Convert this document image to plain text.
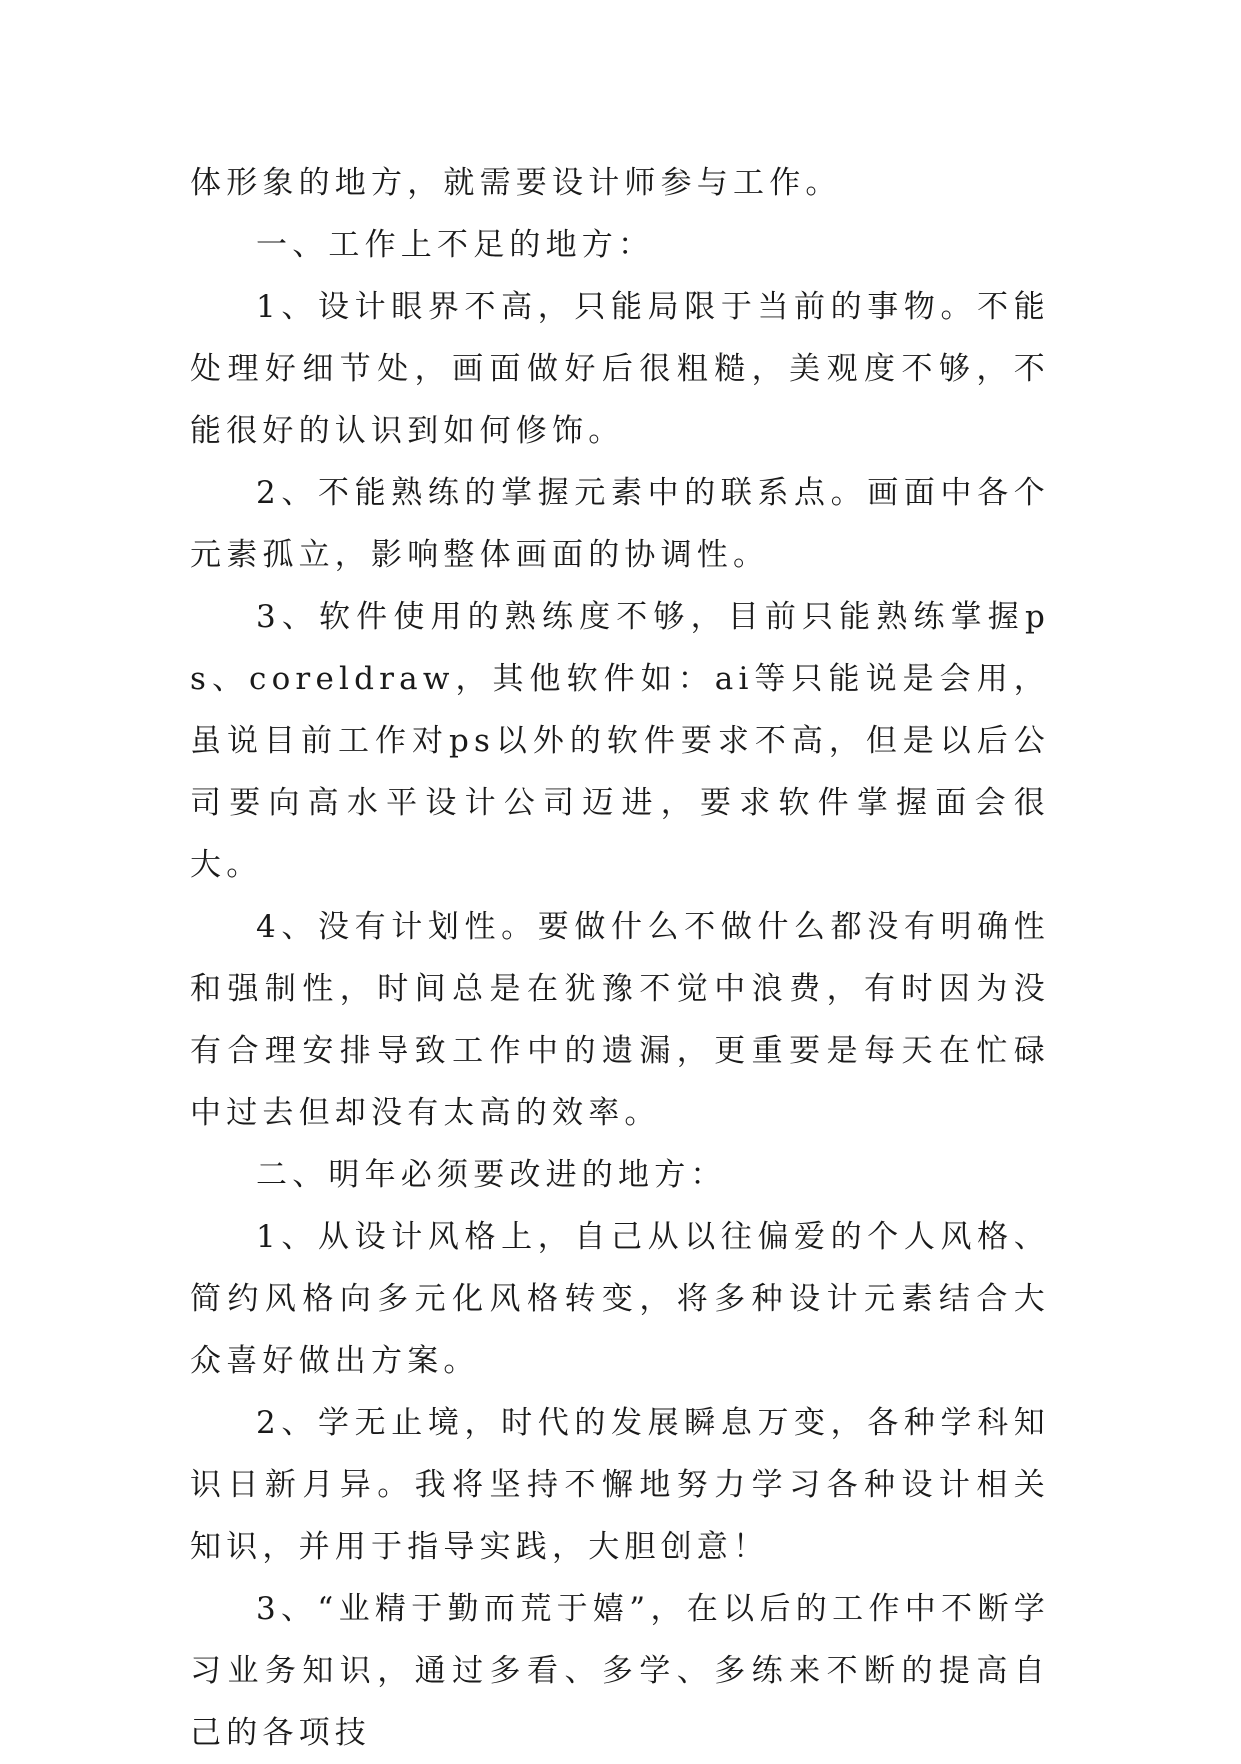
体形象的地方，就需要设计师参与工作。

一、工作上不足的地方：

1、设计眼界不高，只能局限于当前的事物。不能处理好细节处，画面做好后很粗糙，美观度不够，不能很好的认识到如何修饰。

2、不能熟练的掌握元素中的联系点。画面中各个元素孤立，影响整体画面的协调性。

3、软件使用的熟练度不够，目前只能熟练掌握ps、coreldraw，其他软件如：ai等只能说是会用，虽说目前工作对ps以外的软件要求不高，但是以后公司要向高水平设计公司迈进，要求软件掌握面会很大。

4、没有计划性。要做什么不做什么都没有明确性和强制性，时间总是在犹豫不觉中浪费，有时因为没有合理安排导致工作中的遗漏，更重要是每天在忙碌中过去但却没有太高的效率。

二、明年必须要改进的地方：

1、从设计风格上，自己从以往偏爱的个人风格、简约风格向多元化风格转变，将多种设计元素结合大众喜好做出方案。

2、学无止境，时代的发展瞬息万变，各种学科知识日新月异。我将坚持不懈地努力学习各种设计相关知识，并用于指导实践，大胆创意！

3、“业精于勤而荒于嬉”，在以后的工作中不断学习业务知识，通过多看、多学、多练来不断的提高自己的各项技
